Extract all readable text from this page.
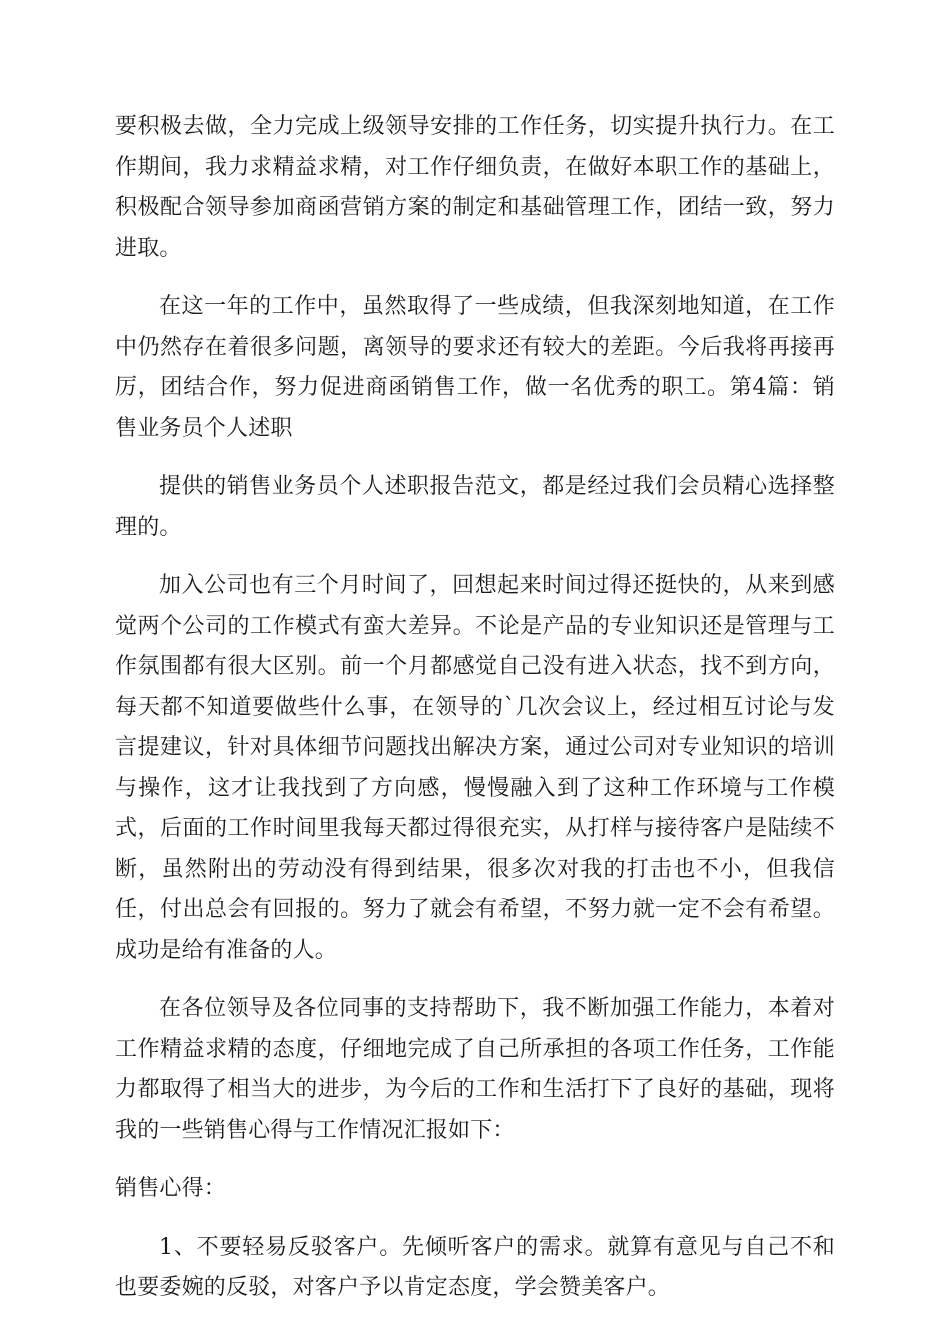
要积极去做，全力完成上级领导安排的工作任务，切实提升执行力。在工作期间，我力求精益求精，对工作仔细负责，在做好本职工作的基础上，积极配合领导参加商函营销方案的制定和基础管理工作，团结一致，努力进取。

在这一年的工作中，虽然取得了一些成绩，但我深刻地知道，在工作中仍然存在着很多问题，离领导的要求还有较大的差距。今后我将再接再厉，团结合作，努力促进商函销售工作，做一名优秀的职工。第4篇：销售业务员个人述职

提供的销售业务员个人述职报告范文，都是经过我们会员精心选择整理的。

加入公司也有三个月时间了，回想起来时间过得还挺快的，从来到感觉两个公司的工作模式有蛮大差异。不论是产品的专业知识还是管理与工作氛围都有很大区别。前一个月都感觉自己没有进入状态，找不到方向，每天都不知道要做些什么事，在领导的`几次会议上，经过相互讨论与发言提建议，针对具体细节问题找出解决方案，通过公司对专业知识的培训与操作，这才让我找到了方向感，慢慢融入到了这种工作环境与工作模式，后面的工作时间里我每天都过得很充实，从打样与接待客户是陆续不断，虽然附出的劳动没有得到结果，很多次对我的打击也不小，但我信任，付出总会有回报的。努力了就会有希望，不努力就一定不会有希望。成功是给有准备的人。

在各位领导及各位同事的支持帮助下，我不断加强工作能力，本着对工作精益求精的态度，仔细地完成了自己所承担的各项工作任务，工作能力都取得了相当大的进步，为今后的工作和生活打下了良好的基础，现将我的一些销售心得与工作情况汇报如下：

销售心得：

1、不要轻易反驳客户。先倾听客户的需求。就算有意见与自己不和也要委婉的反驳，对客户予以肯定态度，学会赞美客户。
